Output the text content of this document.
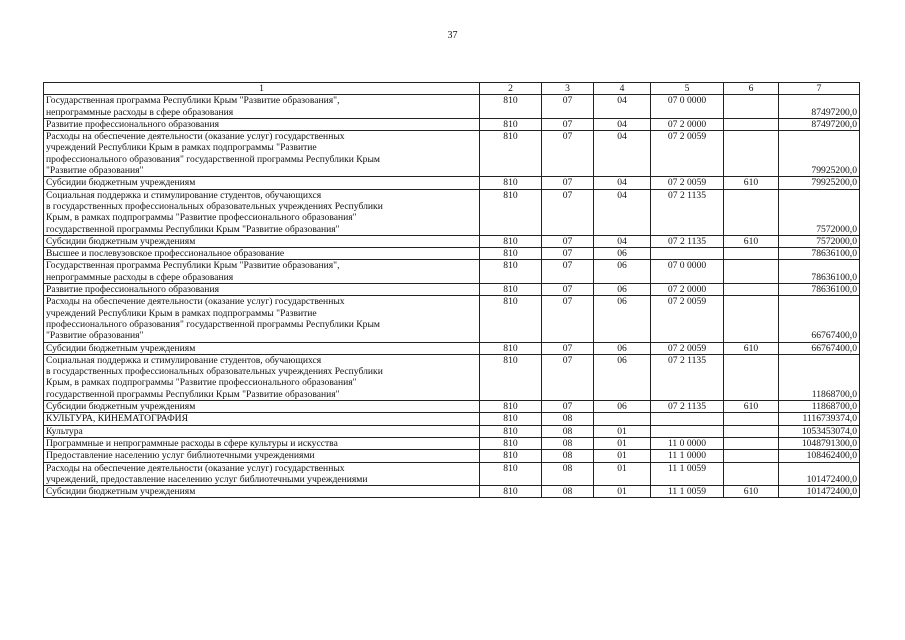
37
1	2	3	4	5	6	7
Государственная программа Республики Крым "Развитие образования",
непрограммные расходы в сфере образования	810	07	04	07 0 0000		87497200,0
Развитие профессионального образования	810	07	04	07 2 0000		87497200,0
Расходы на обеспечение деятельности (оказание услуг) государственных
учреждений Республики Крым в рамках подпрограммы "Развитие
профессионального образования" государственной программы Республики Крым
"Развитие образования"	810	07	04	07 2 0059		79925200,0
Субсидии бюджетным учреждениям	810	07	04	07 2 0059	610	79925200,0
Социальная поддержка и стимулирование студентов, обучающихся
в государственных профессиональных образовательных учреждениях Республики
Крым, в рамках подпрограммы "Развитие профессионального образования"
государственной программы Республики Крым "Развитие образования"	810	07	04	07 2 1135		7572000,0
Субсидии бюджетным учреждениям	810	07	04	07 2 1135	610	7572000,0
Высшее и послевузовское профессиональное образование	810	07	06			78636100,0
Государственная программа Республики Крым "Развитие образования",
непрограммные расходы в сфере образования	810	07	06	07 0 0000		78636100,0
Развитие профессионального образования	810	07	06	07 2 0000		78636100,0
Расходы на обеспечение деятельности (оказание услуг) государственных
учреждений Республики Крым в рамках подпрограммы "Развитие
профессионального образования" государственной программы Республики Крым
"Развитие образования"	810	07	06	07 2 0059		66767400,0
Субсидии бюджетным учреждениям	810	07	06	07 2 0059	610	66767400,0
Социальная поддержка и стимулирование студентов, обучающихся
в государственных профессиональных образовательных учреждениях Республики
Крым, в рамках подпрограммы "Развитие профессионального образования"
государственной программы Республики Крым "Развитие образования"	810	07	06	07 2 1135		11868700,0
Субсидии бюджетным учреждениям	810	07	06	07 2 1135	610	11868700,0
КУЛЬТУРА, КИНЕМАТОГРАФИЯ	810	08				1116739374,0
Культура	810	08	01			1053453074,0
Программные и непрограммные расходы в сфере культуры и искусства	810	08	01	11 0 0000		1048791300,0
Предоставление населению услуг библиотечными учреждениями	810	08	01	11 1 0000		108462400,0
Расходы на обеспечение деятельности (оказание услуг) государственных
учреждений, предоставление населению услуг библиотечными учреждениями	810	08	01	11 1 0059		101472400,0
Субсидии бюджетным учреждениям	810	08	01	11 1 0059	610	101472400,0
